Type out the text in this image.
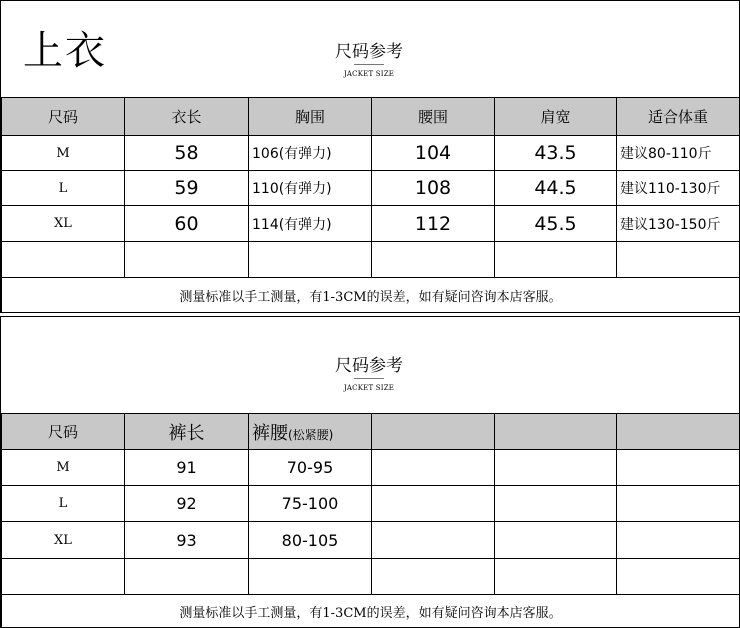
上衣	尺码参考
JACKET SIZE
尺码	衣长	胸围	腰围	肩宽	适合体重
M	58	106(有弹力)	104	43.5	建议80-110斤
L	59	110(有弹力)	108	44.5	建议110-130斤
XL	60	114(有弹力)	112	45.5	建议130-150斤

测量标准以手工测量，有1-3CM的误差，如有疑问咨询本店客服。					
尺码参考
JACKET SIZE
尺码	裤长	裤腰(松紧腰)			
M	91	70-95			
L	92	75-100			
XL	93	80-105			

测量标准以手工测量，有1-3CM的误差，如有疑问咨询本店客服。					
